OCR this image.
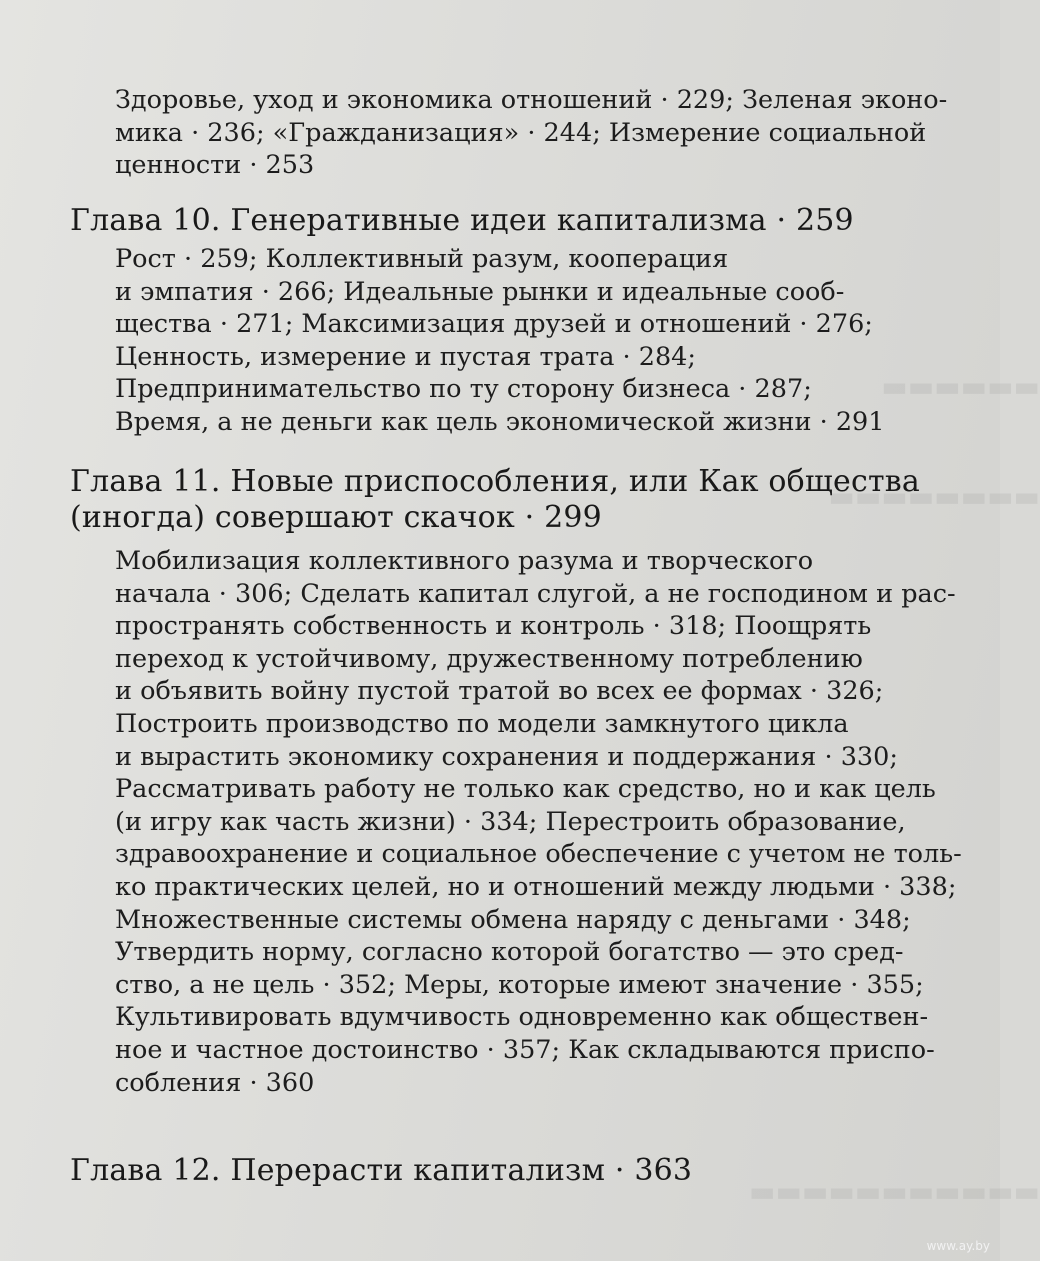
▬▬▬▬▬▬
▬▬▬▬▬▬▬▬
▬▬▬▬▬▬▬▬▬▬▬
Здоровье, уход и экономика отношений · 229; Зеленая эконо-
мика · 236; «Гражданизация» · 244; Измерение социальной
ценности · 253
Глава 10. Генеративные идеи капитализма · 259
Рост · 259; Коллективный разум, кооперация
и эмпатия · 266; Идеальные рынки и идеальные сооб-
щества · 271; Максимизация друзей и отношений · 276;
Ценность, измерение и пустая трата · 284;
Предпринимательство по ту сторону бизнеса · 287;
Время, а не деньги как цель экономической жизни · 291
Глава 11. Новые приспособления, или Как общества
(иногда) совершают скачок · 299
Мобилизация коллективного разума и творческого
начала · 306; Сделать капитал слугой, а не господином и рас-
пространять собственность и контроль · 318; Поощрять
переход к устойчивому, дружественному потреблению
и объявить войну пустой тратой во всех ее формах · 326;
Построить производство по модели замкнутого цикла
и вырастить экономику сохранения и поддержания · 330;
Рассматривать работу не только как средство, но и как цель
(и игру как часть жизни) · 334; Перестроить образование,
здравоохранение и социальное обеспечение с учетом не толь-
ко практических целей, но и отношений между людьми · 338;
Множественные системы обмена наряду с деньгами · 348;
Утвердить норму, согласно которой богатство — это сред-
ство, а не цель · 352; Меры, которые имеют значение · 355;
Культивировать вдумчивость одновременно как обществен-
ное и частное достоинство · 357; Как складываются приспо-
собления · 360
Глава 12. Перерасти капитализм · 363
www.ay.by
